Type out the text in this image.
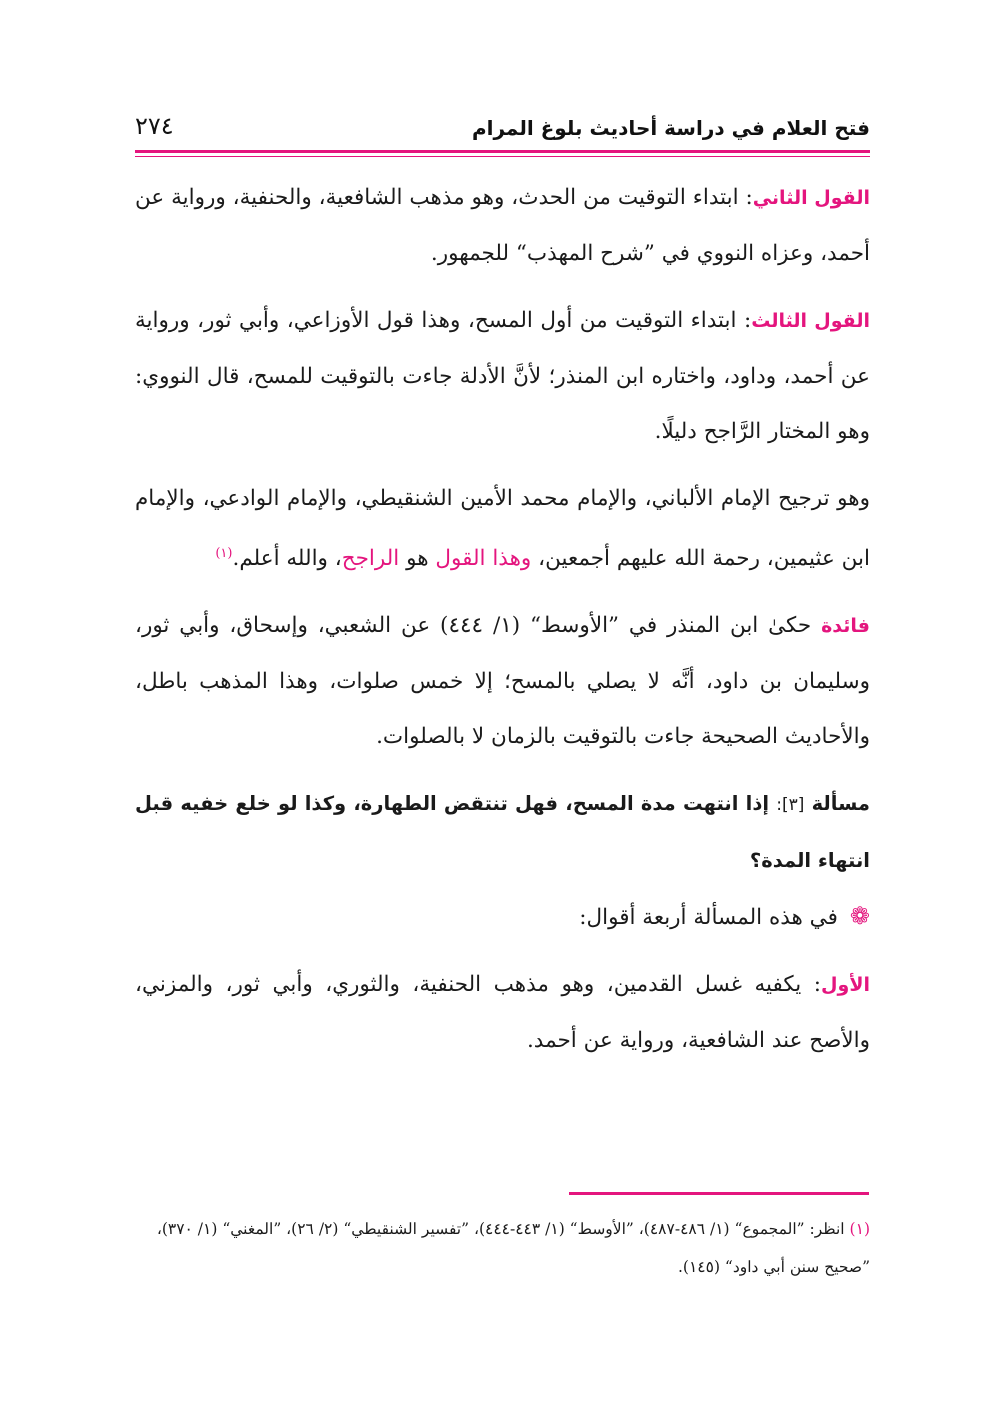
فتح العلام في دراسة أحاديث بلوغ المرام
٢٧٤

القول الثاني: ابتداء التوقيت من الحدث، وهو مذهب الشافعية، والحنفية، ورواية عن أحمد، وعزاه النووي في ”شرح المهذب“ للجمهور.

القول الثالث: ابتداء التوقيت من أول المسح، وهذا قول الأوزاعي، وأبي ثور، ورواية عن أحمد، وداود، واختاره ابن المنذر؛ لأنَّ الأدلة جاءت بالتوقيت للمسح، قال النووي: وهو المختار الرَّاجح دليلًا.

وهو ترجيح الإمام الألباني، والإمام محمد الأمين الشنقيطي، والإمام الوادعي، والإمام ابن عثيمين، رحمة الله عليهم أجمعين، وهذا القول هو الراجح، والله أعلم.$^{(١)}$

فائدة حكىٰ ابن المنذر في ”الأوسط“ (١/ ٤٤٤) عن الشعبي، وإسحاق، وأبي ثور، وسليمان بن داود، أنَّه لا يصلي بالمسح؛ إلا خمس صلوات، وهذا المذهب باطل، والأحاديث الصحيحة جاءت بالتوقيت بالزمان لا بالصلوات.

مسألة [٣]: إذا انتهت مدة المسح، فهل تنتقض الطهارة، وكذا لو خلع خفيه قبل انتهاء المدة؟

❁في هذه المسألة أربعة أقوال:

الأول: يكفيه غسل القدمين، وهو مذهب الحنفية، والثوري، وأبي ثور، والمزني، والأصح عند الشافعية، ورواية عن أحمد.

(١) انظر: ”المجموع“ (١/ ٤٨٦-٤٨٧)، ”الأوسط“ (١/ ٤٤٣-٤٤٤)، ”تفسير الشنقيطي“ (٢/ ٢٦)، ”المغني“ (١/ ٣٧٠)، ”صحيح سنن أبي داود“ (١٤٥).
